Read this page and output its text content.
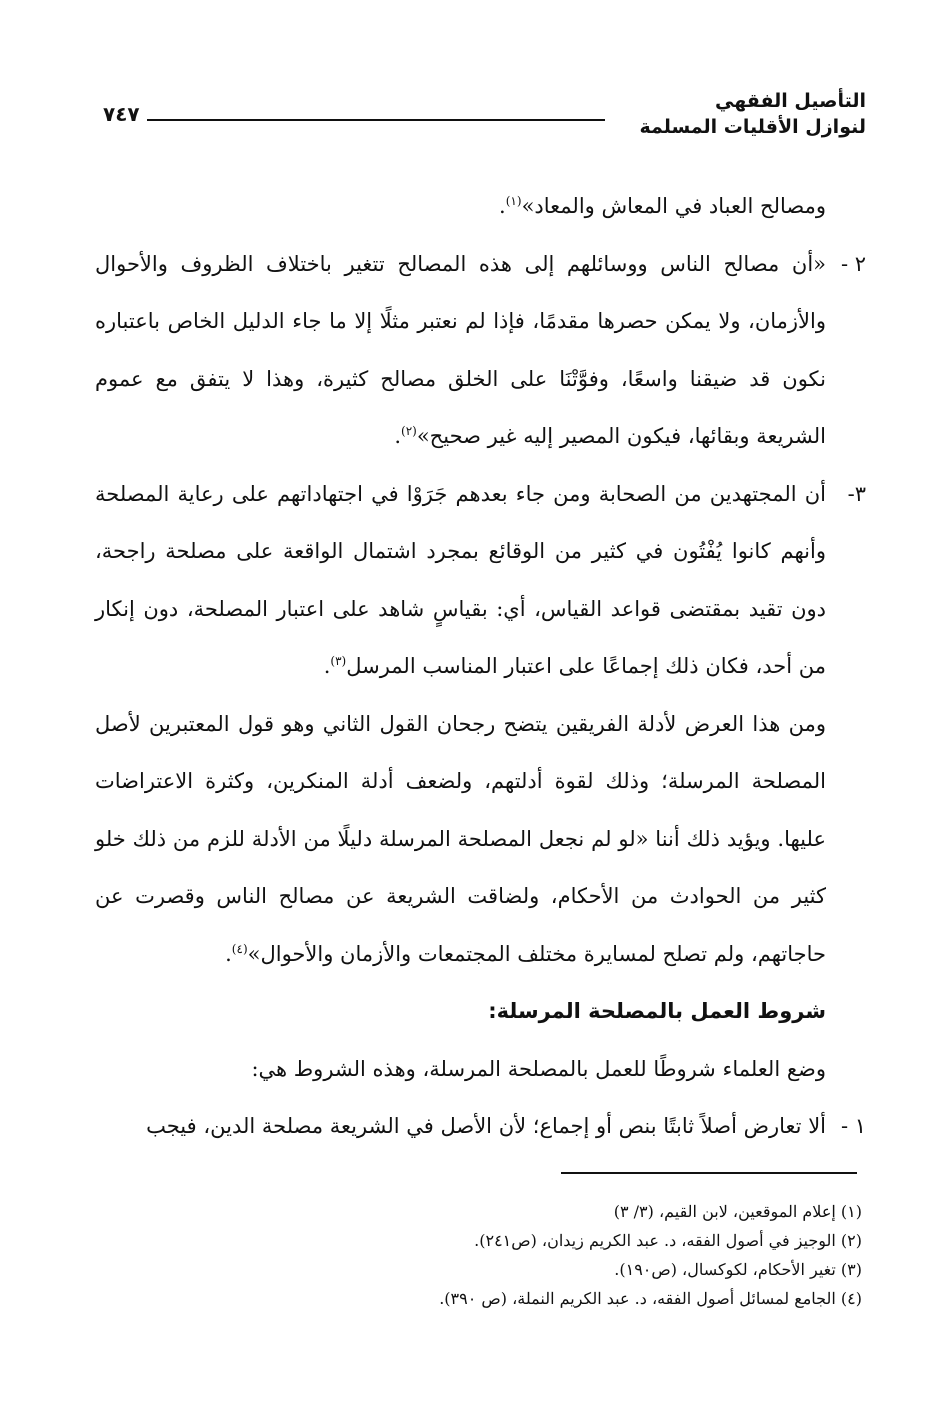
التأصيل الفقهي
لنوازل الأقليات المسلمة
٧٤٧

ومصالح العباد في المعاش والمعاد»$^{(١)}$.

٢ -
«أن مصالح الناس ووسائلهم إلى هذه المصالح تتغير باختلاف الظروف والأحوال والأزمان، ولا يمكن حصرها مقدمًا، فإذا لم نعتبر مثلًا إلا ما جاء الدليل الخاص باعتباره نكون قد ضيقنا واسعًا، وفوَّتْنَا على الخلق مصالح كثيرة، وهذا لا يتفق مع عموم الشريعة وبقائها، فيكون المصير إليه غير صحيح»$^{(٢)}$.

٣-
أن المجتهدين من الصحابة ومن جاء بعدهم جَرَوْا في اجتهاداتهم على رعاية المصلحة وأنهم كانوا يُفْتُون في كثير من الوقائع بمجرد اشتمال الواقعة على مصلحة راجحة، دون تقيد بمقتضى قواعد القياس، أي: بقياسٍ شاهد على اعتبار المصلحة، دون إنكار من أحد، فكان ذلك إجماعًا على اعتبار المناسب المرسل$^{(٣)}$.

ومن هذا العرض لأدلة الفريقين يتضح رجحان القول الثاني وهو قول المعتبرين لأصل المصلحة المرسلة؛ وذلك لقوة أدلتهم، ولضعف أدلة المنكرين، وكثرة الاعتراضات عليها. ويؤيد ذلك أننا «لو لم نجعل المصلحة المرسلة دليلًا من الأدلة للزم من ذلك خلو كثير من الحوادث من الأحكام، ولضاقت الشريعة عن مصالح الناس وقصرت عن حاجاتهم، ولم تصلح لمسايرة مختلف المجتمعات والأزمان والأحوال»$^{(٤)}$.

شروط العمل بالمصلحة المرسلة:

وضع العلماء شروطًا للعمل بالمصلحة المرسلة، وهذه الشروط هي:

١ -
ألا تعارض أصلاً ثابتًا بنص أو إجماع؛ لأن الأصل في الشريعة مصلحة الدين، فيجب

(١) إعلام الموقعين، لابن القيم، (٣/ ٣)
(٢) الوجيز في أصول الفقه، د. عبد الكريم زيدان، (ص٢٤١).
(٣) تغير الأحكام، لكوكسال، (ص١٩٠).
(٤) الجامع لمسائل أصول الفقه، د. عبد الكريم النملة، (ص ٣٩٠).
